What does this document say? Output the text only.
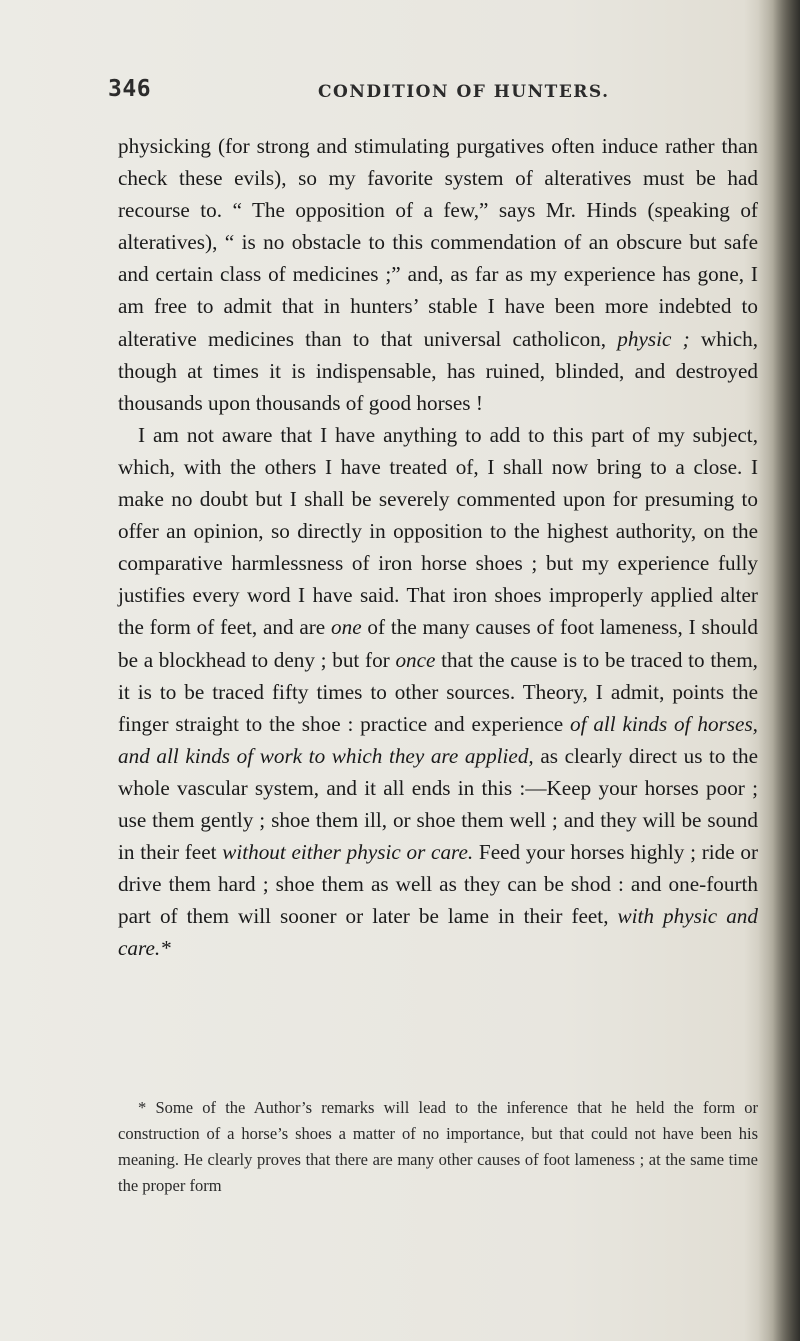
346	CONDITION OF HUNTERS.

physicking (for strong and stimulating purgatives often induce rather than check these evils), so my favorite system of alteratives must be had recourse to. “ The opposition of a few,” says Mr. Hinds (speaking of alteratives), “ is no obstacle to this commendation of an obscure but safe and certain class of medicines ;” and, as far as my experience has gone, I am free to admit that in hunters’ stable I have been more indebted to alterative medicines than to that universal catholicon, physic ; which, though at times it is indispensable, has ruined, blinded, and destroyed thousands upon thousands of good horses !

I am not aware that I have anything to add to this part of my subject, which, with the others I have treated of, I shall now bring to a close. I make no doubt but I shall be severely commented upon for presuming to offer an opinion, so directly in opposition to the highest authority, on the comparative harmlessness of iron horse shoes ; but my experience fully justifies every word I have said. That iron shoes improperly applied alter the form of feet, and are one of the many causes of foot lameness, I should be a blockhead to deny ; but for once that the cause is to be traced to them, it is to be traced fifty times to other sources. Theory, I admit, points the finger straight to the shoe : practice and experience of all kinds of horses, and all kinds of work to which they are applied, as clearly direct us to the whole vascular system, and it all ends in this :—Keep your horses poor ; use them gently ; shoe them ill, or shoe them well ; and they will be sound in their feet without either physic or care. Feed your horses highly ; ride or drive them hard ; shoe them as well as they can be shod : and one-fourth part of them will sooner or later be lame in their feet, with physic and care.*

* Some of the Author’s remarks will lead to the inference that he held the form or construction of a horse’s shoes a matter of no importance, but that could not have been his meaning. He clearly proves that there are many other causes of foot lameness ; at the same time the proper form
